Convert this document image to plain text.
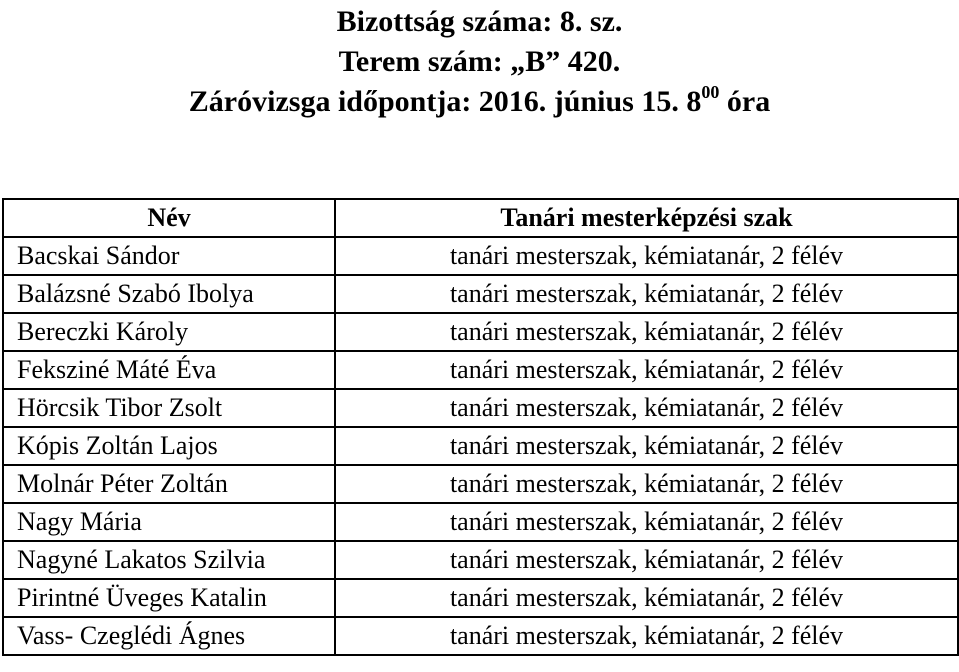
Bizottság száma: 8. sz.
Terem szám: „B” 420.
Záróvizsga időpontja: 2016. június 15. $8^{00}$ óra
Név	Tanári mesterképzési szak
Bacskai Sándor	tanári mesterszak, kémiatanár, 2 félév
Balázsné Szabó Ibolya	tanári mesterszak, kémiatanár, 2 félév
Bereczki Károly	tanári mesterszak, kémiatanár, 2 félév
Feksziné Máté Éva	tanári mesterszak, kémiatanár, 2 félév
Hörcsik Tibor Zsolt	tanári mesterszak, kémiatanár, 2 félév
Kópis Zoltán Lajos	tanári mesterszak, kémiatanár, 2 félév
Molnár Péter Zoltán	tanári mesterszak, kémiatanár, 2 félév
Nagy Mária	tanári mesterszak, kémiatanár, 2 félév
Nagyné Lakatos Szilvia	tanári mesterszak, kémiatanár, 2 félév
Pirintné Üveges Katalin	tanári mesterszak, kémiatanár, 2 félév
Vass- Czeglédi Ágnes	tanári mesterszak, kémiatanár, 2 félév
